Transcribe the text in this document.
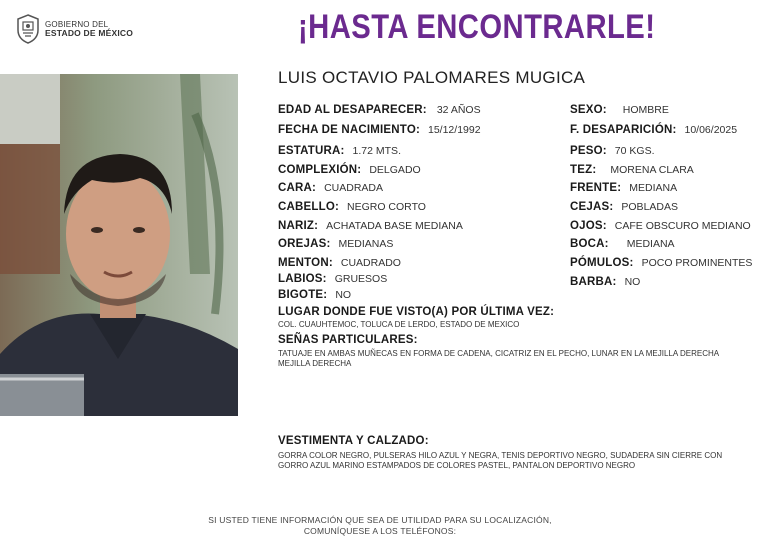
GOBIERNO DEL
ESTADO DE MÉXICO	¡HASTA ENCONTRARLE!
LUIS OCTAVIO PALOMARES MUGICA
EDAD AL DESAPARECER: 32 AÑOS
FECHA DE NACIMIENTO: 15/12/1992
ESTATURA: 1.72 MTS.
COMPLEXIÓN: DELGADO
CARA: CUADRADA
CABELLO: NEGRO CORTO
NARIZ: ACHATADA BASE MEDIANA
OREJAS: MEDIANAS
MENTON: CUADRADO
LABIOS: GRUESOS
BIGOTE: NO
SEXO: HOMBRE
F. DESAPARICIÓN: 10/06/2025
PESO: 70 KGS.
TEZ: MORENA CLARA
FRENTE: MEDIANA
CEJAS: POBLADAS
OJOS: CAFE OBSCURO MEDIANO
BOCA: MEDIANA
PÓMULOS: POCO PROMINENTES
BARBA: NO
LUGAR DONDE FUE VISTO(A) POR ÚLTIMA VEZ:
COL. CUAUHTEMOC, TOLUCA DE LERDO, ESTADO DE MEXICO
SEÑAS PARTICULARES:
TATUAJE EN AMBAS MUÑECAS EN FORMA DE CADENA, CICATRIZ EN EL PECHO, LUNAR EN LA MEJILLA DERECHA
MEJILLA DERECHA
VESTIMENTA Y CALZADO:
GORRA COLOR NEGRO, PULSERAS HILO AZUL Y NEGRA, TENIS DEPORTIVO NEGRO, SUDADERA SIN CIERRE CON
GORRO AZUL MARINO ESTAMPADOS DE COLORES PASTEL, PANTALON DEPORTIVO NEGRO
SI USTED TIENE INFORMACIÓN QUE SEA DE UTILIDAD PARA SU LOCALIZACIÓN,
COMUNÍQUESE A LOS TELÉFONOS:
